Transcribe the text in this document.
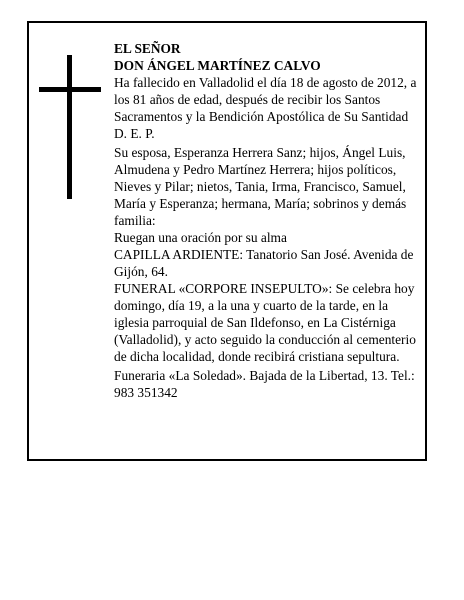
EL SEÑOR

DON ÁNGEL MARTÍNEZ CALVO

Ha fallecido en Valladolid el día 18 de agosto de 2012, a los 81 años de edad, después de recibir los Santos Sacramentos y la Bendición Apostólica de Su Santidad D. E. P.

Su esposa, Esperanza Herrera Sanz; hijos, Ángel Luis, Almudena y Pedro Martínez Herrera; hijos políticos, Nieves y Pilar; nietos, Tania, Irma, Francisco, Samuel, María y Esperanza; hermana, María; sobrinos y demás familia:

Ruegan una oración por su alma

CAPILLA ARDIENTE: Tanatorio San José. Avenida de Gijón, 64.

FUNERAL «CORPORE INSEPULTO»: Se celebra hoy domingo, día 19, a la una y cuarto de la tarde, en la iglesia parroquial de San Ildefonso, en La Cistérniga (Valladolid), y acto seguido la conducción al cementerio de dicha localidad, donde recibirá cristiana sepultura.

Funeraria «La Soledad». Bajada de la Libertad, 13. Tel.: 983 351342
